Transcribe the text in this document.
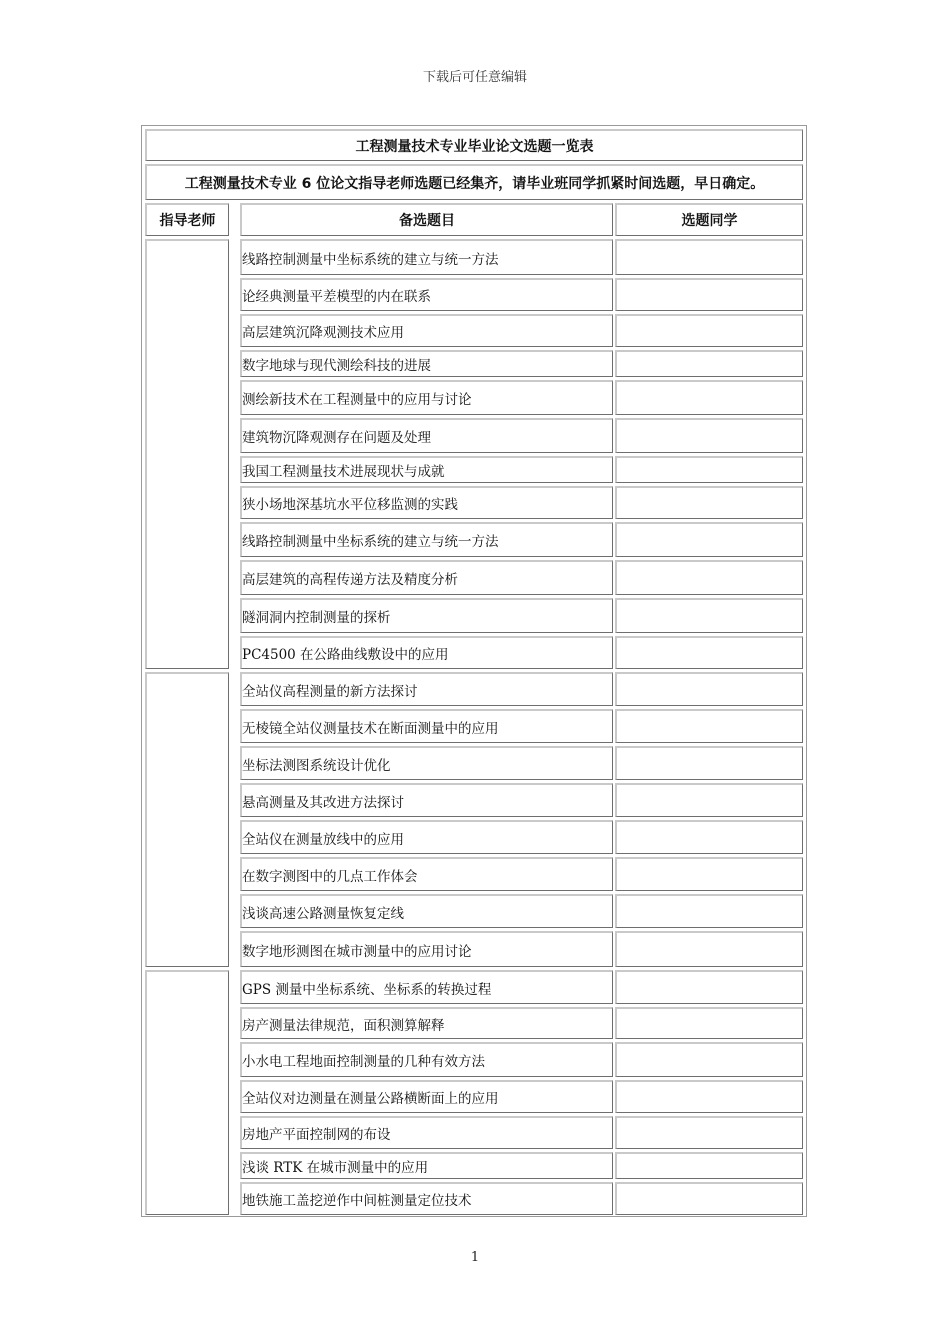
下载后可任意编辑
1
工程测量技术专业毕业论文选题一览表
工程测量技术专业 6 位论文指导老师选题已经集齐，请毕业班同学抓紧时间选题，早日确定。
指导老师	备选题目	选题同学
线路控制测量中坐标系统的建立与统一方法
论经典测量平差模型的内在联系
高层建筑沉降观测技术应用
数字地球与现代测绘科技的进展
测绘新技术在工程测量中的应用与讨论
建筑物沉降观测存在问题及处理
我国工程测量技术进展现状与成就
狭小场地深基坑水平位移监测的实践
线路控制测量中坐标系统的建立与统一方法
高层建筑的高程传递方法及精度分析
隧洞洞内控制测量的探析
PC4500 在公路曲线敷设中的应用
全站仪高程测量的新方法探讨
无棱镜全站仪测量技术在断面测量中的应用
坐标法测图系统设计优化
悬高测量及其改进方法探讨
全站仪在测量放线中的应用
在数字测图中的几点工作体会
浅谈高速公路测量恢复定线
数字地形测图在城市测量中的应用讨论
GPS 测量中坐标系统、坐标系的转换过程
房产测量法律规范，面积测算解释
小水电工程地面控制测量的几种有效方法
全站仪对边测量在测量公路横断面上的应用
房地产平面控制网的布设
浅谈 RTK 在城市测量中的应用
地铁施工盖挖逆作中间桩测量定位技术
